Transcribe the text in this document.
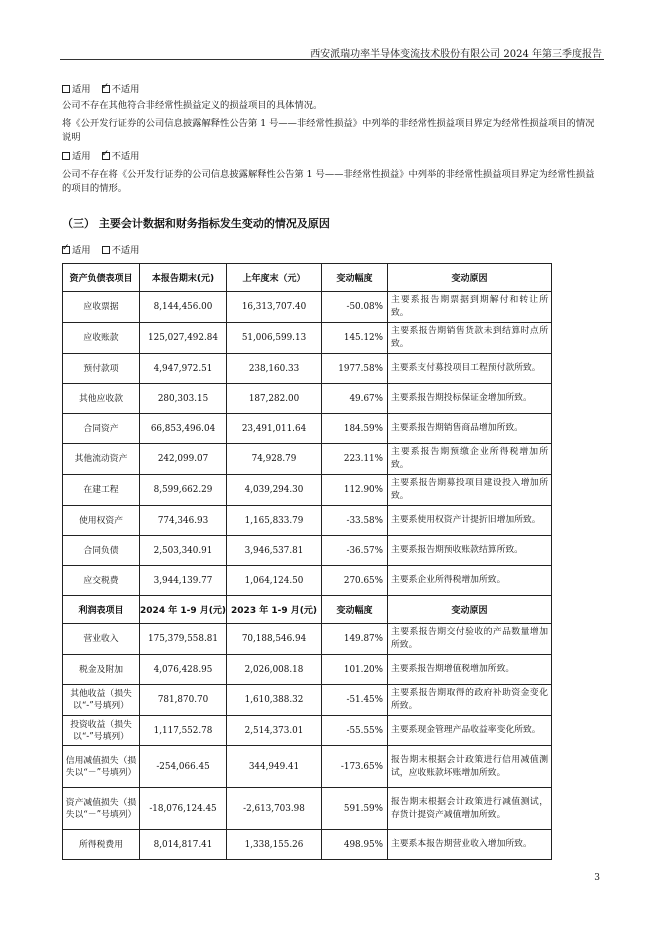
西安派瑞功率半导体变流技术股份有限公司 2024 年第三季度报告
适用 ✓ 不适用
公司不存在其他符合非经常性损益定义的损益项目的具体情况。
将《公开发行证券的公司信息披露解释性公告第 1 号——非经常性损益》中列举的非经常性损益项目界定为经常性损益项目的情况说明
适用 ✓ 不适用
公司不存在将《公开发行证券的公司信息披露解释性公告第 1 号——非经常性损益》中列举的非经常性损益项目界定为经常性损益的项目的情形。
（三） 主要会计数据和财务指标发生变动的情况及原因
✓适用 不适用
资产负债表项目	本报告期末(元)	上年度末（元）	变动幅度	变动原因
应收票据	8,144,456.00	16,313,707.40	-50.08%	主要系报告期票据到期解付和转让所致。
应收账款	125,027,492.84	51,006,599.13	145.12%	主要系报告期销售货款未到结算时点所致。
预付款项	4,947,972.51	238,160.33	1977.58%	主要系支付募投项目工程预付款所致。
其他应收款	280,303.15	187,282.00	49.67%	主要系报告期投标保证金增加所致。
合同资产	66,853,496.04	23,491,011.64	184.59%	主要系报告期销售商品增加所致。
其他流动资产	242,099.07	74,928.79	223.11%	主要系报告期预缴企业所得税增加所致。
在建工程	8,599,662.29	4,039,294.30	112.90%	主要系报告期募投项目建设投入增加所致。
使用权资产	774,346.93	1,165,833.79	-33.58%	主要系使用权资产计提折旧增加所致。
合同负债	2,503,340.91	3,946,537.81	-36.57%	主要系报告期预收账款结算所致。
应交税费	3,944,139.77	1,064,124.50	270.65%	主要系企业所得税增加所致。
利润表项目	2024 年 1-9 月(元)	2023 年 1-9 月(元)	变动幅度	变动原因
营业收入	175,379,558.81	70,188,546.94	149.87%	主要系报告期交付验收的产品数量增加所致。
税金及附加	4,076,428.95	2,026,008.18	101.20%	主要系报告期增值税增加所致。
其他收益（损失以“-”号填列）	781,870.70	1,610,388.32	-51.45%	主要系报告期取得的政府补助资金变化所致。
投资收益（损失以“-”号填列）	1,117,552.78	2,514,373.01	-55.55%	主要系现金管理产品收益率变化所致。
信用减值损失（损失以“－”号填列）	-254,066.45	344,949.41	-173.65%	报告期末根据会计政策进行信用减值测试，应收账款坏账增加所致。
资产减值损失（损失以“－”号填列）	-18,076,124.45	-2,613,703.98	591.59%	报告期末根据会计政策进行减值测试，存货计提资产减值增加所致。
所得税费用	8,014,817.41	1,338,155.26	498.95%	主要系本报告期营业收入增加所致。
3
